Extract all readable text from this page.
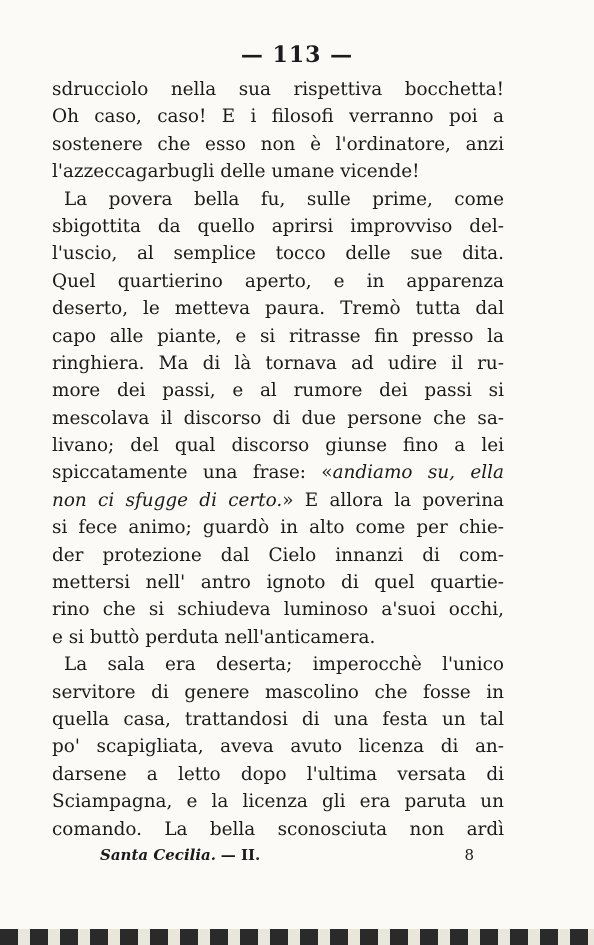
— 113 —
sdrucciolo nella sua rispettiva bocchetta!
Oh caso, caso! E i filosofi verranno poi a
sostenere che esso non è l'ordinatore, anzi
l'azzeccagarbugli delle umane vicende!
La povera bella fu, sulle prime, come
sbigottita da quello aprirsi improvviso del-
l'uscio, al semplice tocco delle sue dita.
Quel quartierino aperto, e in apparenza
deserto, le metteva paura. Tremò tutta dal
capo alle piante, e si ritrasse fin presso la
ringhiera. Ma di là tornava ad udire il ru-
more dei passi, e al rumore dei passi si
mescolava il discorso di due persone che sa-
livano; del qual discorso giunse fino a lei
spiccatamente una frase: «andiamo su, ella
non ci sfugge di certo.» E allora la poverina
si fece animo; guardò in alto come per chie-
der protezione dal Cielo innanzi di com-
mettersi nell' antro ignoto di quel quartie-
rino che si schiudeva luminoso a'suoi occhi,
e si buttò perduta nell'anticamera.
La sala era deserta; imperocchè l'unico
servitore di genere mascolino che fosse in
quella casa, trattandosi di una festa un tal
po' scapigliata, aveva avuto licenza di an-
darsene a letto dopo l'ultima versata di
Sciampagna, e la licenza gli era paruta un
comando. La bella sconosciuta non ardì
Santa Cecilia. — II.	8
